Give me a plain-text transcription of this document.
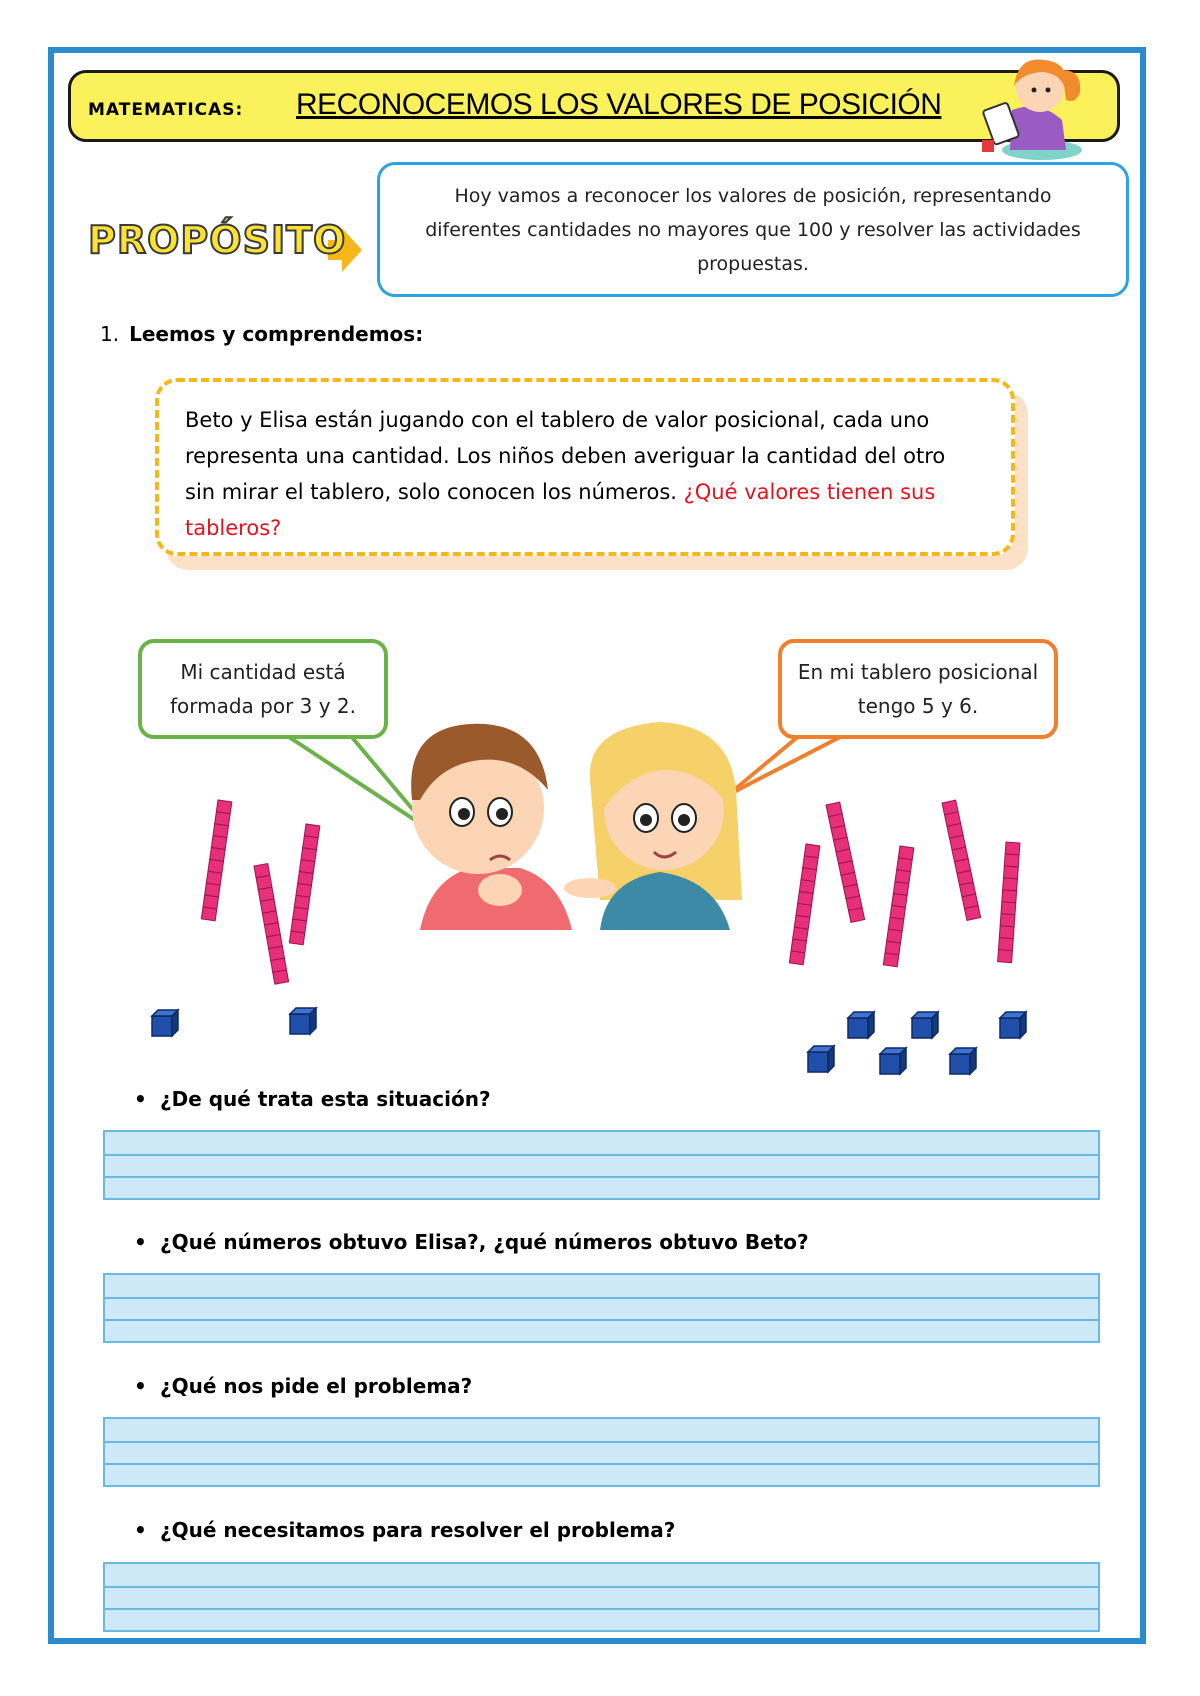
MATEMATICAS: RECONOCEMOS LOS VALORES DE POSICIÓN
PROPÓSITO
Hoy vamos a reconocer los valores de posición, representando diferentes cantidades no mayores que 100 y resolver las actividades propuestas.
1. Leemos y comprendemos:

Beto y Elisa están jugando con el tablero de valor posicional, cada uno representa una cantidad. Los niños deben averiguar la cantidad del otro sin mirar el tablero, solo conocen los números. ¿Qué valores tienen sus tableros?

Mi cantidad está formada por 3 y 2.
En mi tablero posicional tengo 5 y 6.
• ¿De qué trata esta situación?
• ¿Qué números obtuvo Elisa?, ¿qué números obtuvo Beto?
• ¿Qué nos pide el problema?
• ¿Qué necesitamos para resolver el problema?
